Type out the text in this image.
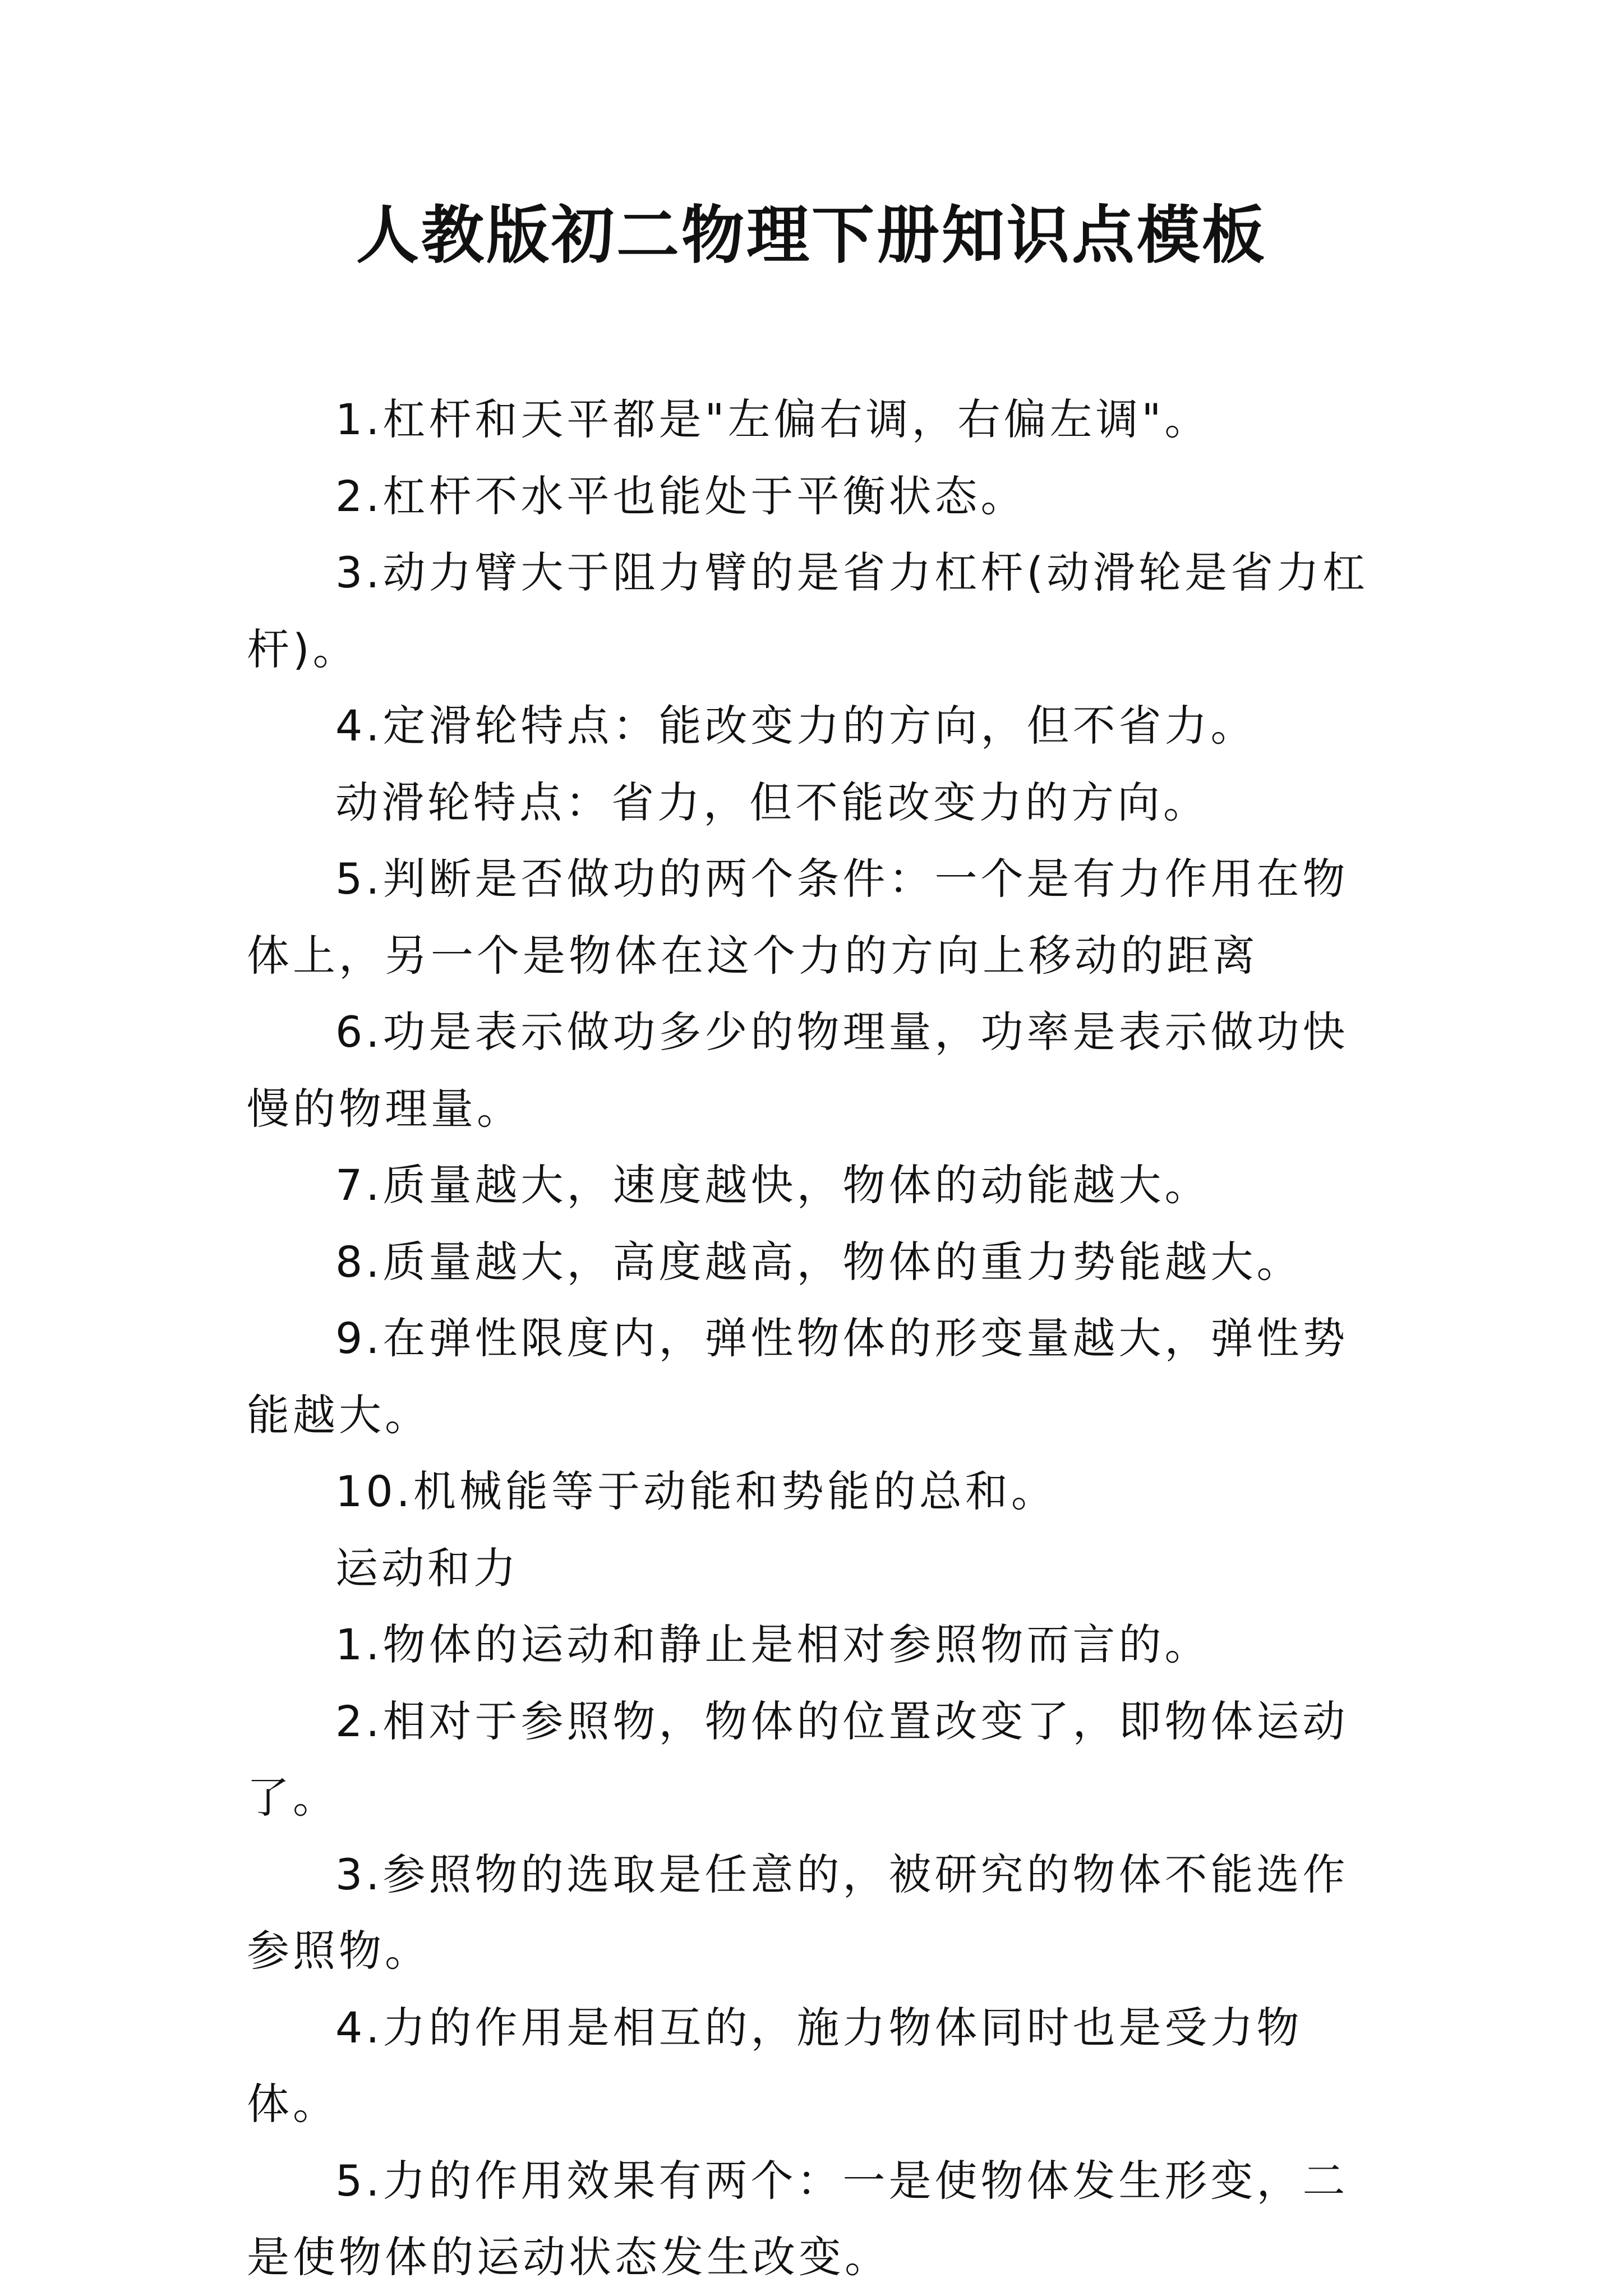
人教版初二物理下册知识点模板

1.杠杆和天平都是"左偏右调，右偏左调"。

2.杠杆不水平也能处于平衡状态。

3.动力臂大于阻力臂的是省力杠杆(动滑轮是省力杠杆)。

4.定滑轮特点：能改变力的方向，但不省力。

动滑轮特点：省力，但不能改变力的方向。

5.判断是否做功的两个条件：一个是有力作用在物体上，另一个是物体在这个力的方向上移动的距离

6.功是表示做功多少的物理量，功率是表示做功快慢的物理量。

7.质量越大，速度越快，物体的动能越大。

8.质量越大，高度越高，物体的重力势能越大。

9.在弹性限度内，弹性物体的形变量越大，弹性势能越大。

10.机械能等于动能和势能的总和。

运动和力

1.物体的运动和静止是相对参照物而言的。

2.相对于参照物，物体的位置改变了，即物体运动了。

3.参照物的选取是任意的，被研究的物体不能选作参照物。

4.力的作用是相互的，施力物体同时也是受力物体。

5.力的作用效果有两个：一是使物体发生形变，二是使物体的运动状态发生改变。
